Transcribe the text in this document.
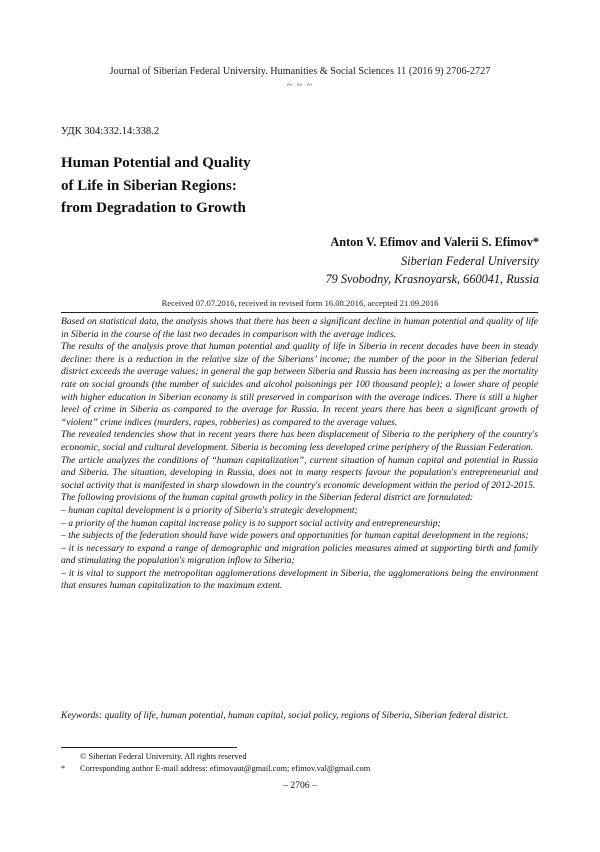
Journal of Siberian Federal University. Humanities & Social Sciences 11 (2016 9) 2706-2727
~ ~ ~
УДК 304:332.14:338.2
Human Potential and Quality
of Life in Siberian Regions:
from Degradation to Growth
Anton V. Efimov and Valerii S. Efimov*
Siberian Federal University
79 Svobodny, Krasnoyarsk, 660041, Russia
Received 07.07.2016, received in revised form 16.08.2016, accepted 21.09.2016

Based on statistical data, the analysis shows that there has been a significant decline in human potential and quality of life in Siberia in the course of the last two decades in comparison with the average indices.

The results of the analysis prove that human potential and quality of life in Siberia in recent decades have been in steady decline: there is a reduction in the relative size of the Siberians’ income; the number of the poor in the Siberian federal district exceeds the average values; in general the gap between Siberia and Russia has been increasing as per the mortality rate on social grounds (the number of suicides and alcohol poisonings per 100 thousand people); a lower share of people with higher education in Siberian economy is still preserved in comparison with the average indices. There is still a higher level of crime in Siberia as compared to the average for Russia. In recent years there has been a significant growth of “violent” crime indices (murders, rapes, robberies) as compared to the average values.

The revealed tendencies show that in recent years there has been displacement of Siberia to the periphery of the country's economic, social and cultural development. Siberia is becoming less developed crime periphery of the Russian Federation.

The article analyzes the conditions of “human capitalization”, current situation of human capital and potential in Russia and Siberia. The situation, developing in Russia, does not in many respects favour the population's entrepreneurial and social activity that is manifested in sharp slowdown in the country's economic development within the period of 2012-2015.

The following provisions of the human capital growth policy in the Siberian federal district are formulated:

– human capital development is a priority of Siberia's strategic development;

– a priority of the human capital increase policy is to support social activity and entrepreneurship;

– the subjects of the federation should have wide powers and opportunities for human capital development in the regions;

– it is necessary to expand a range of demographic and migration policies measures aimed at supporting birth and family and stimulating the population's migration inflow to Siberia;

– it is vital to support the metropolitan agglomerations development in Siberia, the agglomerations being the environment that ensures human capitalization to the maximum extent.

Keywords: quality of life, human potential, human capital, social policy, regions of Siberia, Siberian federal district.
© Siberian Federal University. All rights reserved
* Corresponding author E-mail address: efimovaut@gmail.com; efimov.val@gmail.com
– 2706 –
